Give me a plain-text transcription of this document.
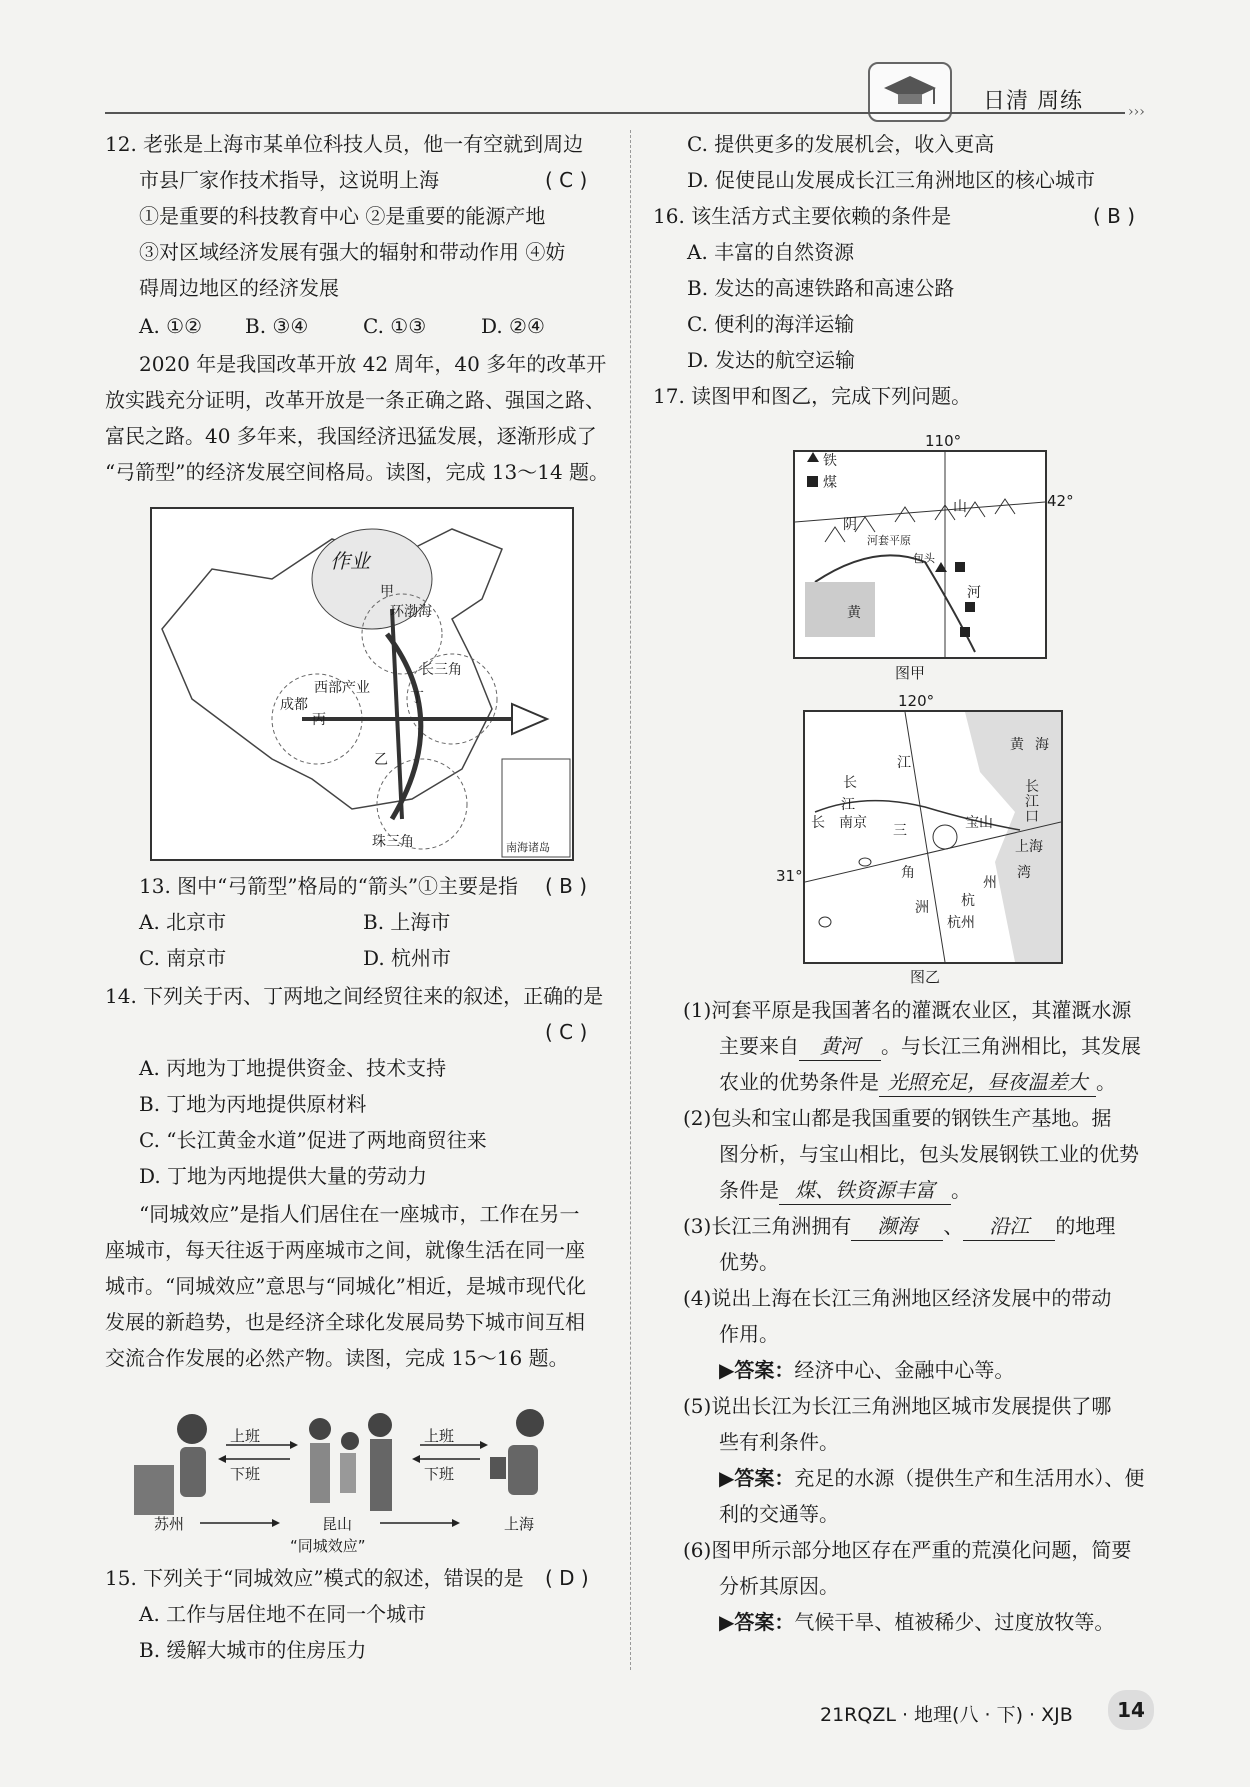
日清 周练	›››
12. 老张是上海市某单位科技人员，他一有空就到周边
市县厂家作技术指导，这说明上海	( C )
①是重要的科技教育中心 ②是重要的能源产地
③对区域经济发展有强大的辐射和带动作用 ④妨
碍周边地区的经济发展
A. ①② B. ③④	C. ①③	D. ②④
2020 年是我国改革开放 42 周年，40 多年的改革开
放实践充分证明，改革开放是一条正确之路、强国之路、
富民之路。40 多年来，我国经济迅猛发展，逐渐形成了
“弓箭型”的经济发展空间格局。读图，完成 13～14 题。
作业
甲
环渤海
长三角
西部产业
成都
丙
丁
乙
珠三角	南海诸岛
13. 图中“弓箭型”格局的“箭头”①主要是指 ( B )
A. 北京市	B. 上海市
C. 南京市	D. 杭州市
14. 下列关于丙、丁两地之间经贸往来的叙述，正确的是
( C )
A. 丙地为丁地提供资金、技术支持
B. 丁地为丙地提供原材料
C. “长江黄金水道”促进了两地商贸往来
D. 丁地为丙地提供大量的劳动力
“同城效应”是指人们居住在一座城市，工作在另一
座城市，每天往返于两座城市之间，就像生活在同一座
城市。“同城效应”意思与“同城化”相近，是城市现代化
发展的新趋势，也是经济全球化发展局势下城市间互相
交流合作发展的必然产物。读图，完成 15～16 题。
上班
下班
上班
下班
苏州	昆山	上海
“同城效应”
15. 下列关于“同城效应”模式的叙述，错误的是 ( D )
A. 工作与居住地不在同一个城市
B. 缓解大城市的住房压力
C. 提供更多的发展机会，收入更高
D. 促使昆山发展成长江三角洲地区的核心城市
16. 该生活方式主要依赖的条件是	( B )
A. 丰富的自然资源
B. 发达的高速铁路和高速公路
C. 便利的海洋运输
D. 发达的航空运输
17. 读图甲和图乙，完成下列问题。
110°
铁
煤
阴
山
河套平原
包头
河
黄
42°
图甲
120°
黄 海
长
江
江
长 南京 三
角
洲
宝山
长江口
上海
杭
州
湾
杭州
31°
图乙
(1)河套平原是我国著名的灌溉农业区，其灌溉水源
主要来自 黄河 。与长江三角洲相比，其发展
农业的优势条件是 光照充足，昼夜温差大 。
(2)包头和宝山都是我国重要的钢铁生产基地。据
图分析，与宝山相比，包头发展钢铁工业的优势
条件是 煤、铁资源丰富 。
(3)长江三角洲拥有 濒海 、 沿江 的地理
优势。
(4)说出上海在长江三角洲地区经济发展中的带动
作用。
▶答案：经济中心、金融中心等。
(5)说出长江为长江三角洲地区城市发展提供了哪
些有利条件。
▶答案：充足的水源（提供生产和生活用水）、便
利的交通等。
(6)图甲所示部分地区存在严重的荒漠化问题，简要
分析其原因。
▶答案：气候干旱、植被稀少、过度放牧等。
21RQZL · 地理(八 · 下) · XJB	14
